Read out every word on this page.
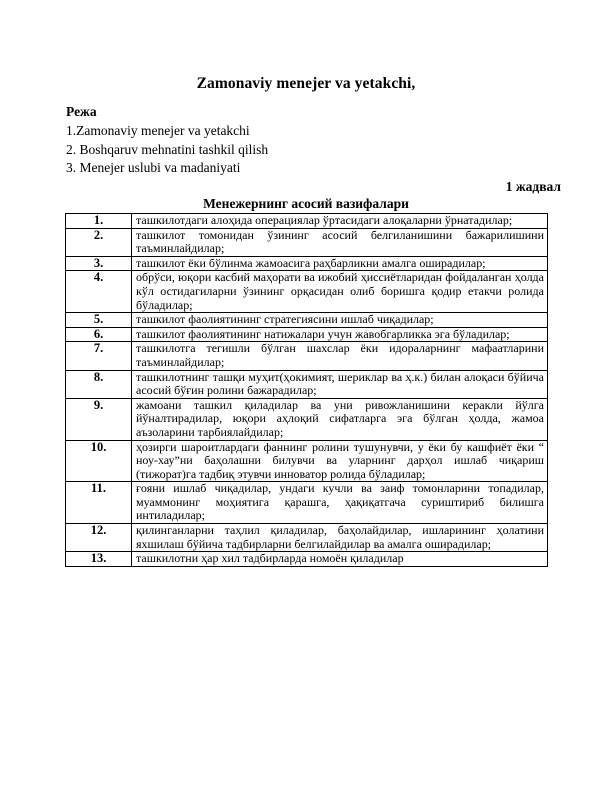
Zamonaviy menejer va yetakchi,
Режа
1.Zamonaviy menejer va yetakchi
2. Boshqaruv mehnatini tashkil qilish
3. Menejer uslubi va madaniyati
1 жадвал
Менежернинг асосий вазифалари
1.	ташкилотдаги алоҳида операциялар ўртасидаги алоқаларни ўрнатадилар;
2.	ташкилот томонидан ўзининг асосий белгиланишини бажарилишини таъминлайдилар;
3.	ташкилот ёки бўлинма жамоасига раҳбарликни амалга оширадилар;
4.	обрўси, юқори касбий маҳорати ва ижобий ҳиссиётларидан фойдаланган ҳолда кўл остидагиларни ўзининг орқасидан олиб боришга қодир етакчи ролида бўладилар;
5.	ташкилот фаолиятининг стратегиясини ишлаб чиқадилар;
6.	ташкилот фаолиятининг натижалари учун жавобгарликка эга бўладилар;
7.	ташкилотга тегишли бўлган шахслар ёки идораларнинг мафаатларини таъминлайдилар;
8.	ташкилотнинг ташқи муҳит(ҳокимият, шериклар ва ҳ.к.) билан алоқаси бўйича асосий бўғин ролини бажарадилар;
9.	жамоани ташкил қиладилар ва уни ривожланишини керакли йўлга йўналтирадилар, юқори аҳлоқий сифатларга эга бўлган ҳолда, жамоа аъзоларини тарбиялайдилар;
10.	ҳозирги шароитлардаги фаннинг ролини тушунувчи, у ёки бу кашфиёт ёки “ ноу-хау”ни баҳолашни билувчи ва уларнинг дарҳол ишлаб чиқариш (тижорат)га тадбиқ этувчи инноватор ролида бўладилар;
11.	ғояни ишлаб чиқадилар, ундаги кучли ва заиф томонларини топадилар, муаммонинг моҳиятига қарашга, ҳақиқатгача суриштириб билишга интиладилар;
12.	қилинганларни таҳлил қиладилар, баҳолайдилар, ишларининг ҳолатини яхшилаш бўйича тадбирларни белгилайдилар ва амалга оширадилар;
13.	ташкилотни ҳар хил тадбирларда номоён қиладилар
